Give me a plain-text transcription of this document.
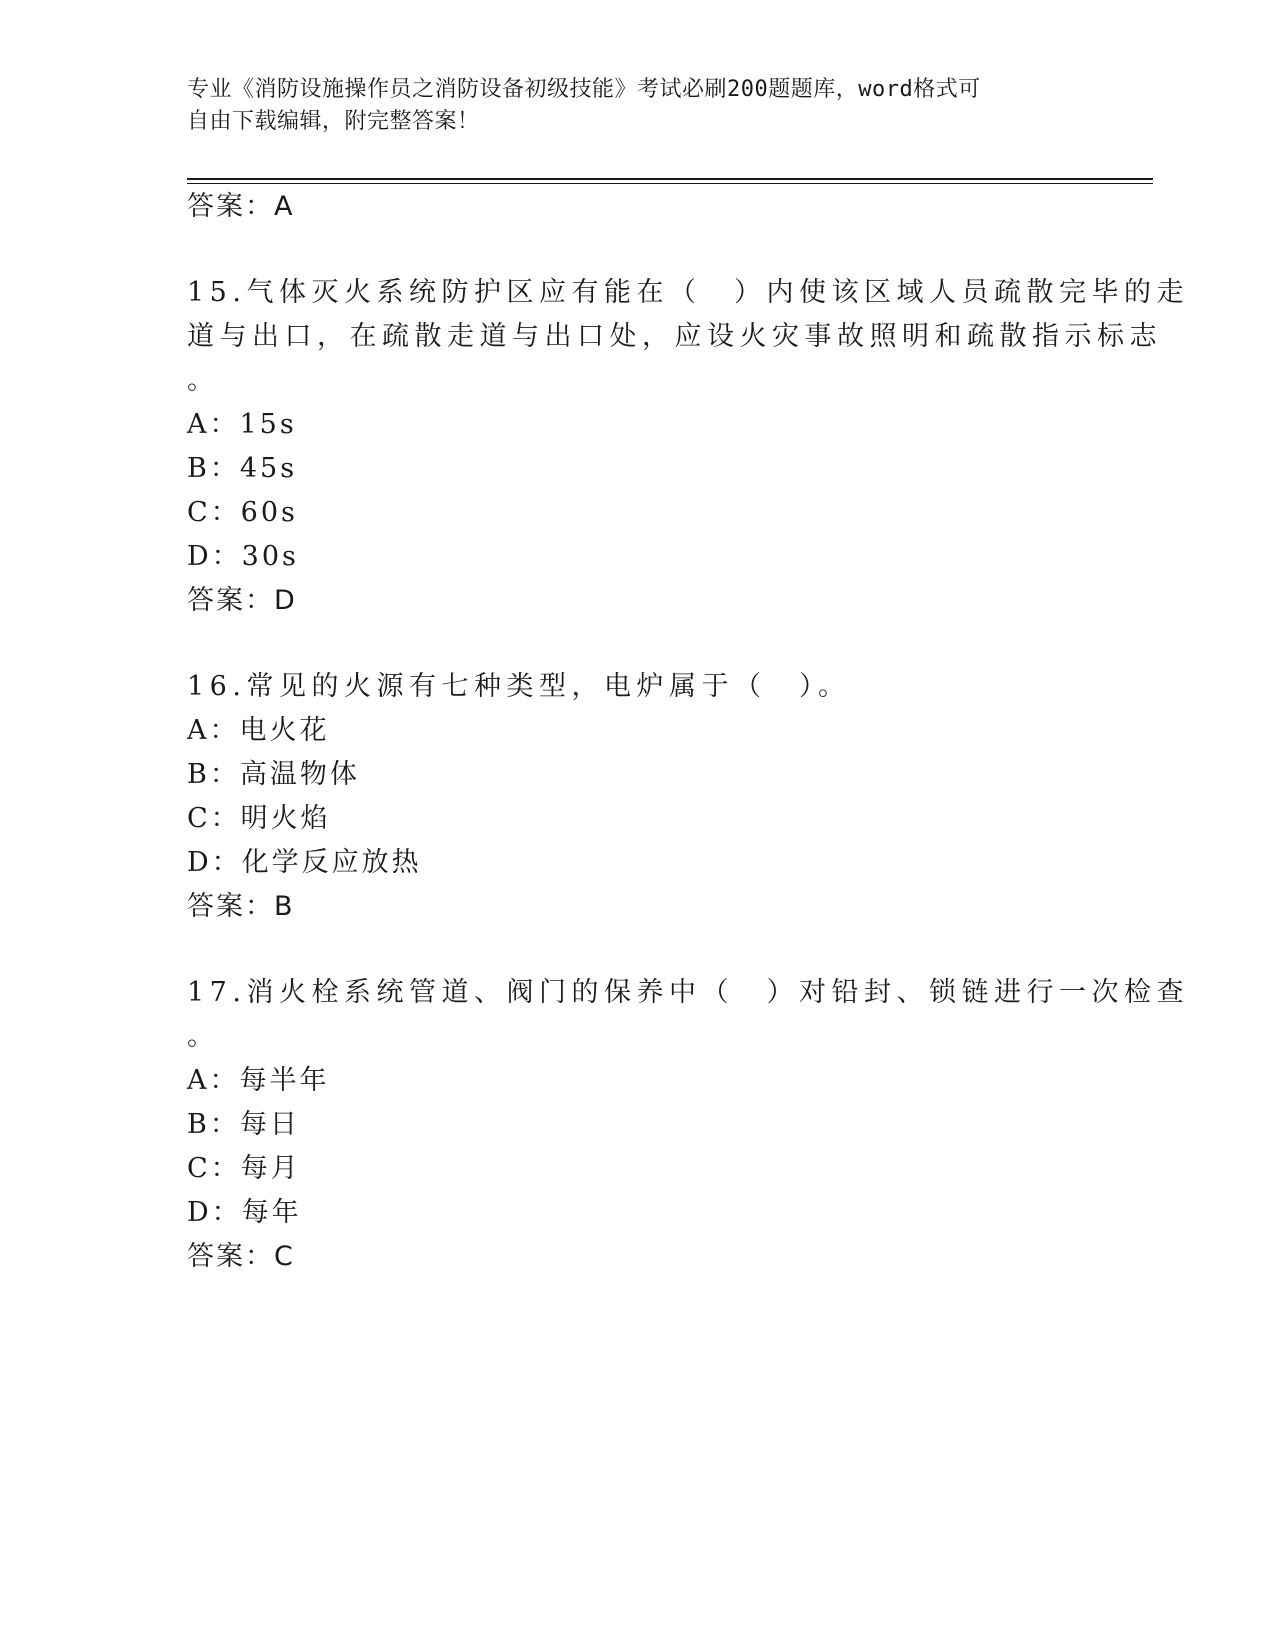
专业《消防设施操作员之消防设备初级技能》考试必刷200题题库，word格式可
自由下载编辑，附完整答案！
答案：A
15.气体灭火系统防护区应有能在（　）内使该区域人员疏散完毕的走
道与出口，在疏散走道与出口处，应设火灾事故照明和疏散指示标志
。
A：15s
B：45s
C：60s
D：30s
答案：D
16.常见的火源有七种类型，电炉属于（　）。
A：电火花
B：高温物体
C：明火焰
D：化学反应放热
答案：B
17.消火栓系统管道、阀门的保养中（　）对铅封、锁链进行一次检查
。
A：每半年
B：每日
C：每月
D：每年
答案：C
